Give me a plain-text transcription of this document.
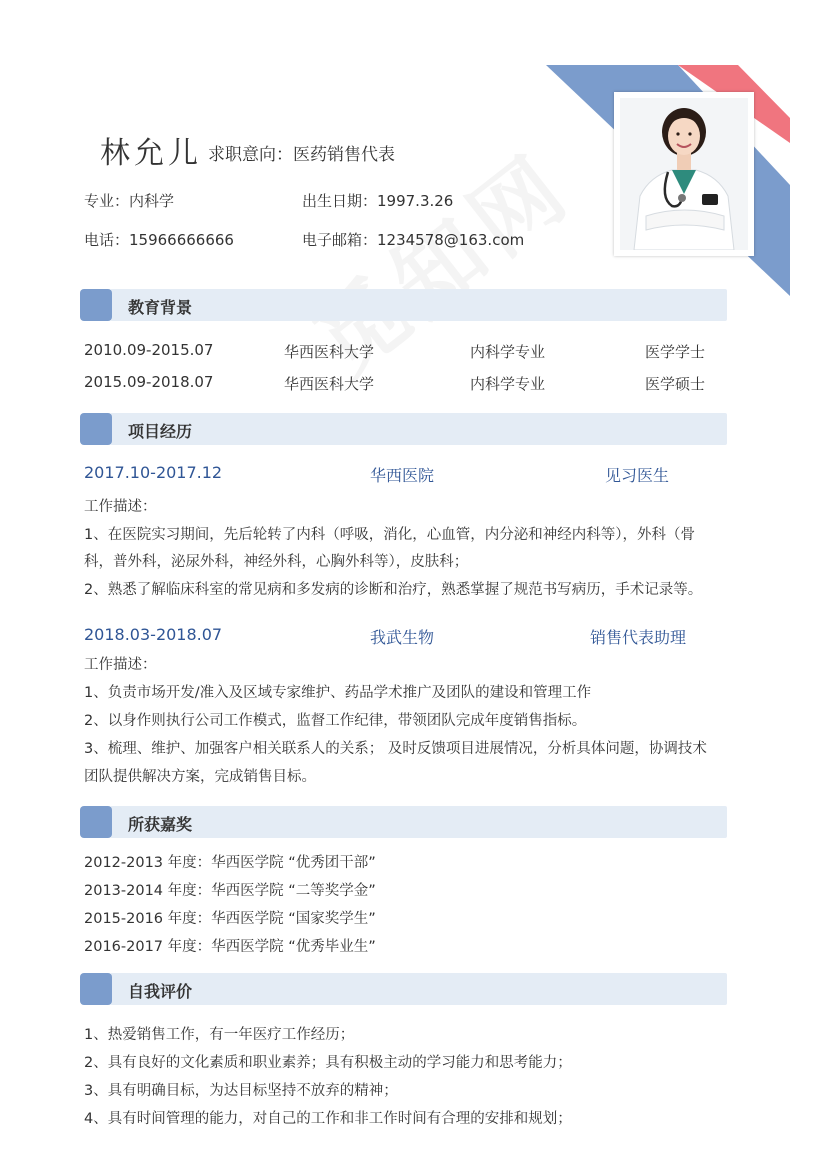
林允儿 求职意向：医药销售代表
专业：内科学	出生日期：1997.3.26
电话：15966666666	电子邮箱：1234578@163.com
教育背景
2010.09-2015.07	华西医科大学	内科学专业	医学学士
2015.09-2018.07	华西医科大学	内科学专业	医学硕士
项目经历
2017.10-2017.12	华西医院	见习医生
工作描述：
1、在医院实习期间，先后轮转了内科（呼吸，消化，心血管，内分泌和神经内科等），外科（骨
科，普外科，泌尿外科，神经外科，心胸外科等），皮肤科；
2、熟悉了解临床科室的常见病和多发病的诊断和治疗，熟悉掌握了规范书写病历，手术记录等。
2018.03-2018.07	我武生物	销售代表助理
工作描述：
1、负责市场开发/准入及区域专家维护、药品学术推广及团队的建设和管理工作
2、以身作则执行公司工作模式，监督工作纪律，带领团队完成年度销售指标。
3、梳理、维护、加强客户相关联系人的关系； 及时反馈项目进展情况，分析具体问题，协调技术
团队提供解决方案，完成销售目标。
所获嘉奖
2012-2013 年度：华西医学院 “优秀团干部”
2013-2014 年度：华西医学院 “二等奖学金”
2015-2016 年度：华西医学院 “国家奖学生”
2016-2017 年度：华西医学院 “优秀毕业生”
自我评价
1、热爱销售工作，有一年医疗工作经历；
2、具有良好的文化素质和职业素养；具有积极主动的学习能力和思考能力；
3、具有明确目标，为达目标坚持不放弃的精神；
4、具有时间管理的能力，对自己的工作和非工作时间有合理的安排和规划；
